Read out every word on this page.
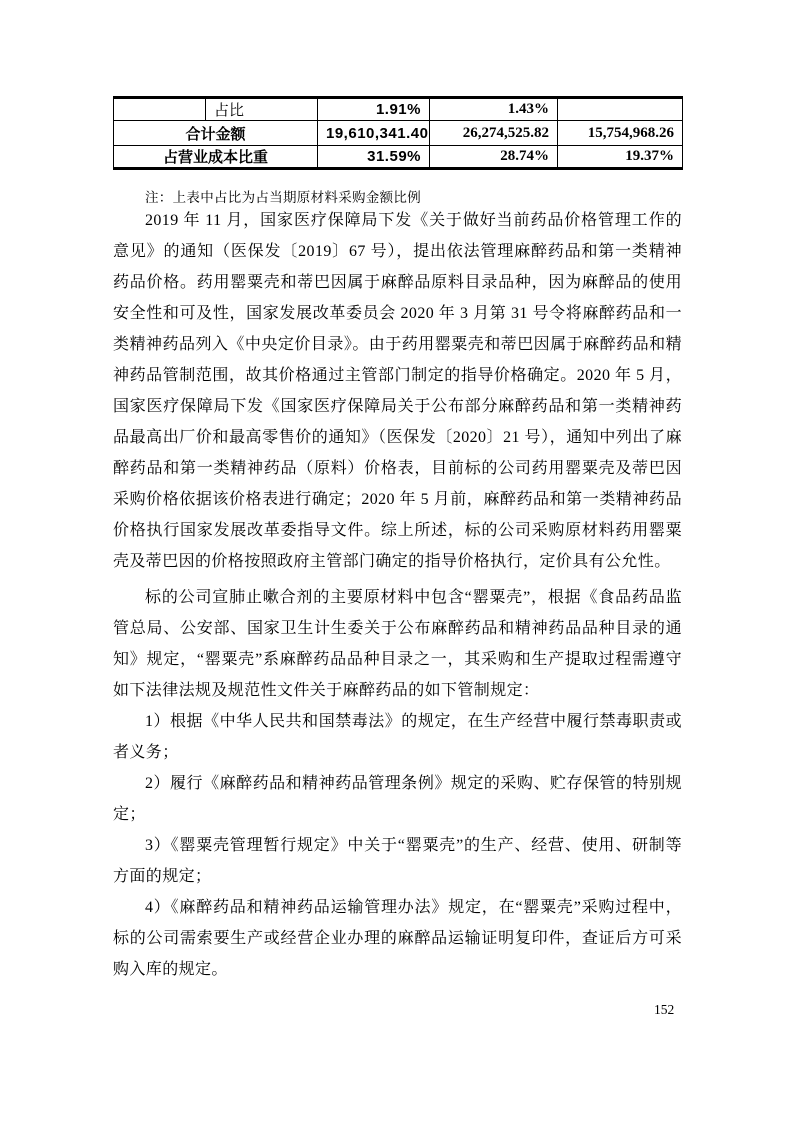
	占比	1.91%	1.43%	
合计金额		19,610,341.40	26,274,525.82	15,754,968.26
占营业成本比重		31.59%	28.74%	19.37%
注：上表中占比为占当期原材料采购金额比例

2019 年 11 月，国家医疗保障局下发《关于做好当前药品价格管理工作的意见》的通知（医保发〔2019〕67 号），提出依法管理麻醉药品和第一类精神药品价格。药用罂粟壳和蒂巴因属于麻醉品原料目录品种，因为麻醉品的使用安全性和可及性，国家发展改革委员会 2020 年 3 月第 31 号令将麻醉药品和一类精神药品列入《中央定价目录》。由于药用罂粟壳和蒂巴因属于麻醉药品和精神药品管制范围，故其价格通过主管部门制定的指导价格确定。2020 年 5 月，国家医疗保障局下发《国家医疗保障局关于公布部分麻醉药品和第一类精神药品最高出厂价和最高零售价的通知》（医保发〔2020〕21 号），通知中列出了麻醉药品和第一类精神药品（原料）价格表，目前标的公司药用罂粟壳及蒂巴因采购价格依据该价格表进行确定；2020 年 5 月前，麻醉药品和第一类精神药品价格执行国家发展改革委指导文件。综上所述，标的公司采购原材料药用罂粟壳及蒂巴因的价格按照政府主管部门确定的指导价格执行，定价具有公允性。

标的公司宣肺止嗽合剂的主要原材料中包含“罂粟壳”，根据《食品药品监管总局、公安部、国家卫生计生委关于公布麻醉药品和精神药品品种目录的通知》规定，“罂粟壳”系麻醉药品品种目录之一，其采购和生产提取过程需遵守如下法律法规及规范性文件关于麻醉药品的如下管制规定：

1）根据《中华人民共和国禁毒法》的规定，在生产经营中履行禁毒职责或者义务；

2）履行《麻醉药品和精神药品管理条例》规定的采购、贮存保管的特别规定；

3）《罂粟壳管理暂行规定》中关于“罂粟壳”的生产、经营、使用、研制等方面的规定；

4）《麻醉药品和精神药品运输管理办法》规定，在“罂粟壳”采购过程中，标的公司需索要生产或经营企业办理的麻醉品运输证明复印件，查证后方可采购入库的规定。

152
